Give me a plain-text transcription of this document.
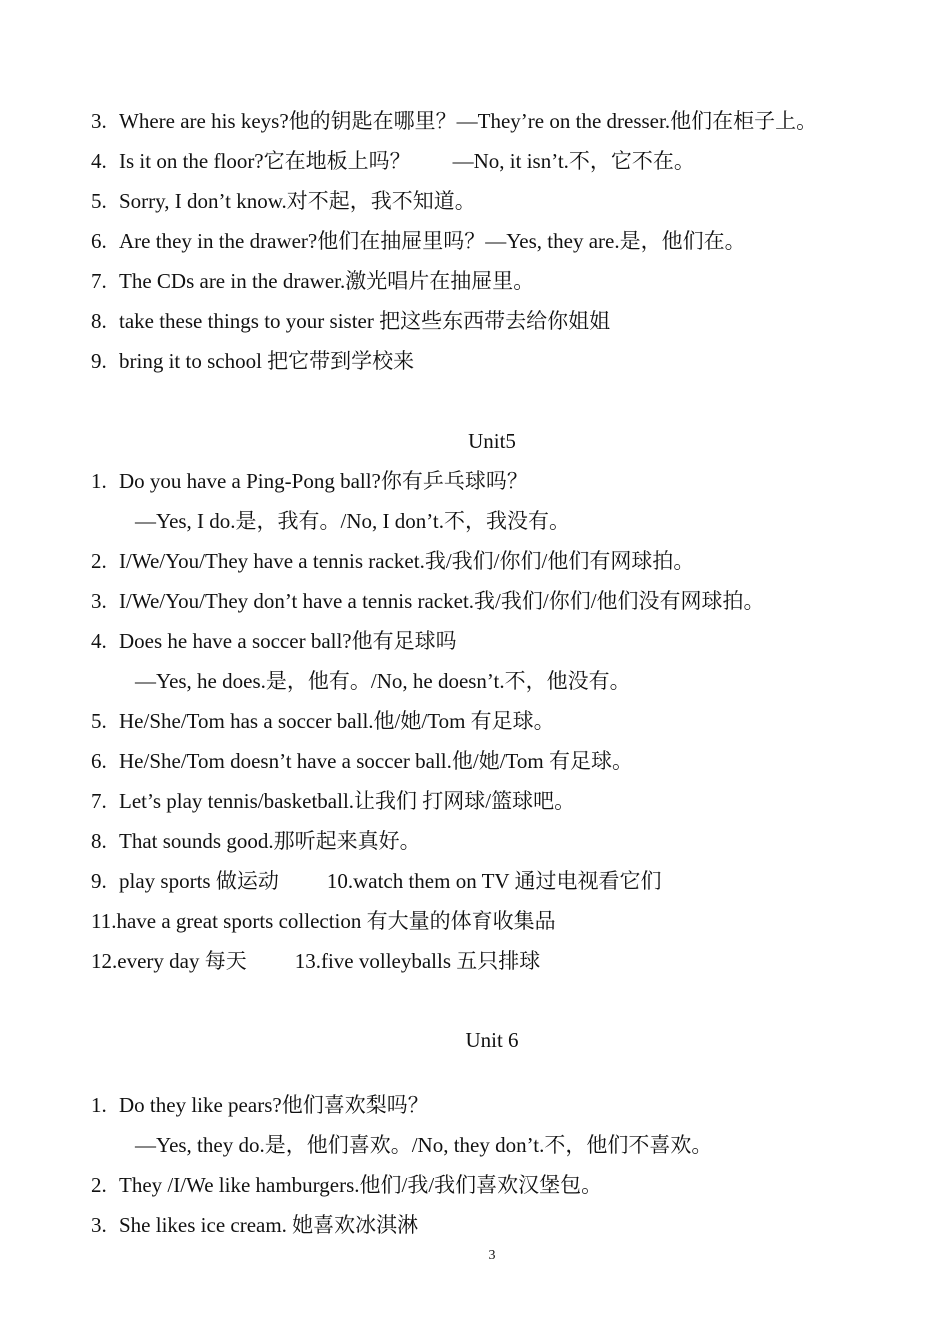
3. Where are his keys?他的钥匙在哪里？—They’re on the dresser.他们在柜子上。
4. Is it on the floor?它在地板上吗？　　—No, it isn’t.不，它不在。
5. Sorry, I don’t know.对不起，我不知道。
6. Are they in the drawer?他们在抽屉里吗？—Yes, they are.是，他们在。
7. The CDs are in the drawer.激光唱片在抽屉里。
8. take these things to your sister 把这些东西带去给你姐姐
9. bring it to school 把它带到学校来
Unit5
1. Do you have a Ping-Pong ball?你有乒乓球吗？
—Yes, I do.是，我有。/No, I don’t.不，我没有。
2. I/We/You/They have a tennis racket.我/我们/你们/他们有网球拍。
3. I/We/You/They don’t have a tennis racket.我/我们/你们/他们没有网球拍。
4. Does he have a soccer ball?他有足球吗
—Yes, he does.是，他有。/No, he doesn’t.不，他没有。
5. He/She/Tom has a soccer ball.他/她/Tom 有足球。
6. He/She/Tom doesn’t have a soccer ball.他/她/Tom 有足球。
7. Let’s play tennis/basketball.让我们 打网球/篮球吧。
8. That sounds good.那听起来真好。
9. play sports 做运动 10.watch them on TV 通过电视看它们
11.have a great sports collection 有大量的体育收集品
12.every day 每天 13.five volleyballs 五只排球
Unit 6
1. Do they like pears?他们喜欢梨吗？
—Yes, they do.是，他们喜欢。/No, they don’t.不，他们不喜欢。
2. They /I/We like hamburgers.他们/我/我们喜欢汉堡包。
3. She likes ice cream. 她喜欢冰淇淋
3
